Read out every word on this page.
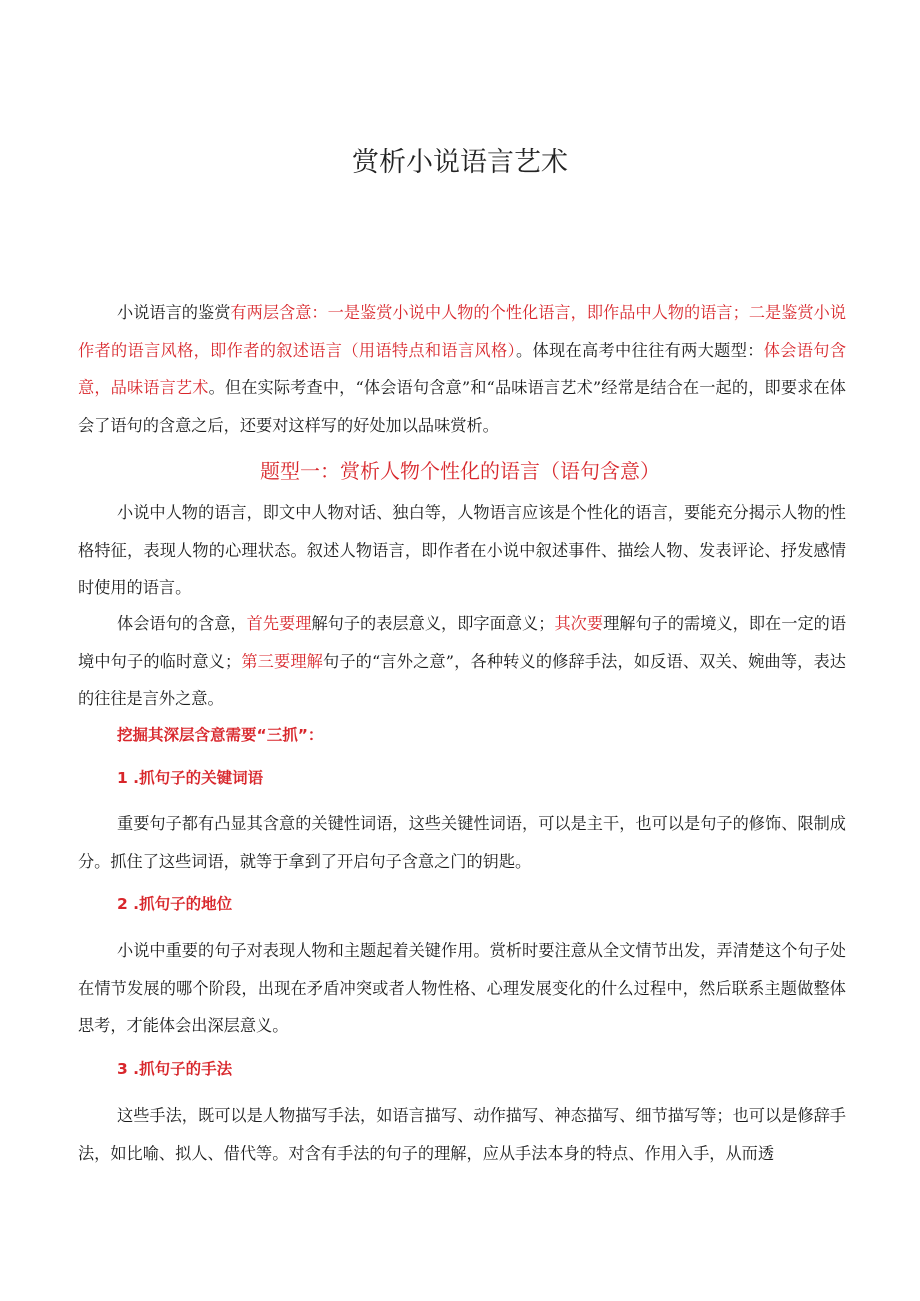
赏析小说语言艺术

小说语言的鉴赏有两层含意：一是鉴赏小说中人物的个性化语言，即作品中人物的语言；二是鉴赏小说作者的语言风格，即作者的叙述语言（用语特点和语言风格）。体现在高考中往往有两大题型：体会语句含意，品味语言艺术。但在实际考查中，“体会语句含意”和“品味语言艺术”经常是结合在一起的，即要求在体会了语句的含意之后，还要对这样写的好处加以品味赏析。

题型一：赏析人物个性化的语言（语句含意）

小说中人物的语言，即文中人物对话、独白等，人物语言应该是个性化的语言，要能充分揭示人物的性格特征，表现人物的心理状态。叙述人物语言，即作者在小说中叙述事件、描绘人物、发表评论、抒发感情时使用的语言。

体会语句的含意，首先要理解句子的表层意义，即字面意义；其次要理解句子的需境义，即在一定的语境中句子的临时意义；第三要理解句子的“言外之意”，各种转义的修辞手法，如反语、双关、婉曲等，表达的往往是言外之意。

挖掘其深层含意需要“三抓”：

1 .抓句子的关键词语

重要句子都有凸显其含意的关键性词语，这些关键性词语，可以是主干，也可以是句子的修饰、限制成分。抓住了这些词语，就等于拿到了开启句子含意之门的钥匙。

2 .抓句子的地位

小说中重要的句子对表现人物和主题起着关键作用。赏析时要注意从全文情节出发，弄清楚这个句子处在情节发展的哪个阶段，出现在矛盾冲突或者人物性格、心理发展变化的什么过程中，然后联系主题做整体思考，才能体会出深层意义。

3 .抓句子的手法

这些手法，既可以是人物描写手法，如语言描写、动作描写、神态描写、细节描写等；也可以是修辞手法，如比喻、拟人、借代等。对含有手法的句子的理解，应从手法本身的特点、作用入手，从而透
